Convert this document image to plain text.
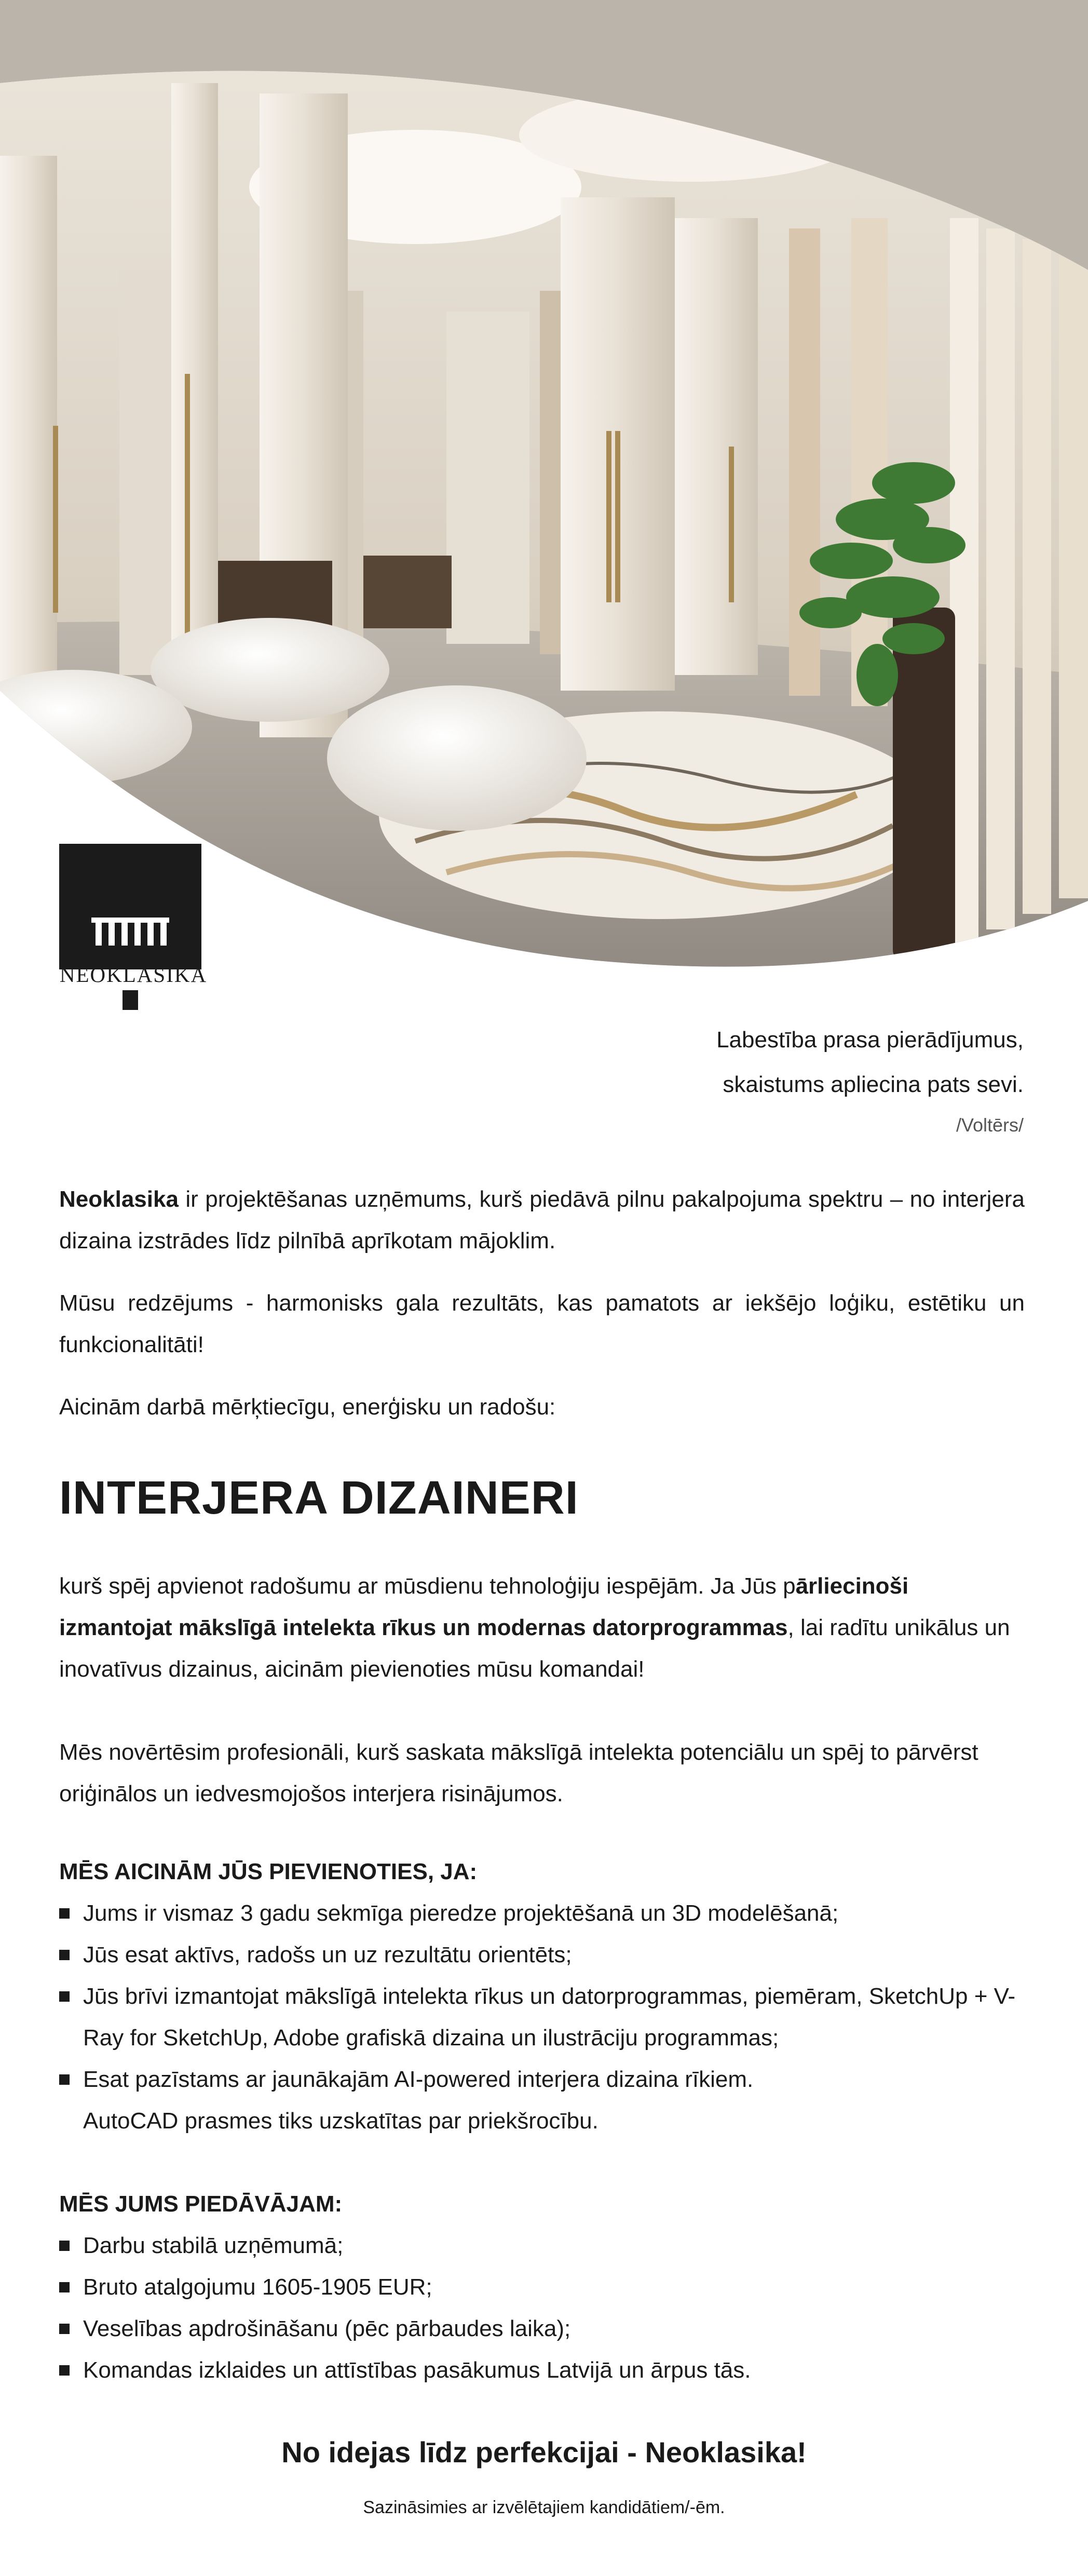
NEOKLASIKA
Labestība prasa pierādījumus,
skaistums apliecina pats sevi.
/Voltērs/

Neoklasika ir projektēšanas uzņēmums, kurš piedāvā pilnu pakalpojuma spektru – no interjera dizaina izstrādes līdz pilnībā aprīkotam mājoklim.

Mūsu redzējums - harmonisks gala rezultāts, kas pamatots ar iekšējo loģiku, estētiku un funkcionalitāti!

Aicinām darbā mērķtiecīgu, enerģisku un radošu:

INTERJERA DIZAINERI

kurš spēj apvienot radošumu ar mūsdienu tehnoloģiju iespējām. Ja Jūs pārliecinoši izmantojat mākslīgā intelekta rīkus un modernas datorprogrammas, lai radītu unikālus un inovatīvus dizainus, aicinām pievienoties mūsu komandai!

Mēs novērtēsim profesionāli, kurš saskata mākslīgā intelekta potenciālu un spēj to pārvērst oriģinālos un iedvesmojošos interjera risinājumos.

MĒS AICINĀM JŪS PIEVIENOTIES, JA:

Jums ir vismaz 3 gadu sekmīga pieredze projektēšanā un 3D modelēšanā;
Jūs esat aktīvs, radošs un uz rezultātu orientēts;
Jūs brīvi izmantojat mākslīgā intelekta rīkus un datorprogrammas, piemēram, SketchUp + V-Ray for SketchUp, Adobe grafiskā dizaina un ilustrāciju programmas;
Esat pazīstams ar jaunākajām AI-powered interjera dizaina rīkiem.
AutoCAD prasmes tiks uzskatītas par priekšrocību.

MĒS JUMS PIEDĀVĀJAM:

Darbu stabilā uzņēmumā;
Bruto atalgojumu 1605-1905 EUR;
Veselības apdrošināšanu (pēc pārbaudes laika);
Komandas izklaides un attīstības pasākumus Latvijā un ārpus tās.
No idejas līdz perfekcijai - Neoklasika!
Sazināsimies ar izvēlētajiem kandidātiem/-ēm.
